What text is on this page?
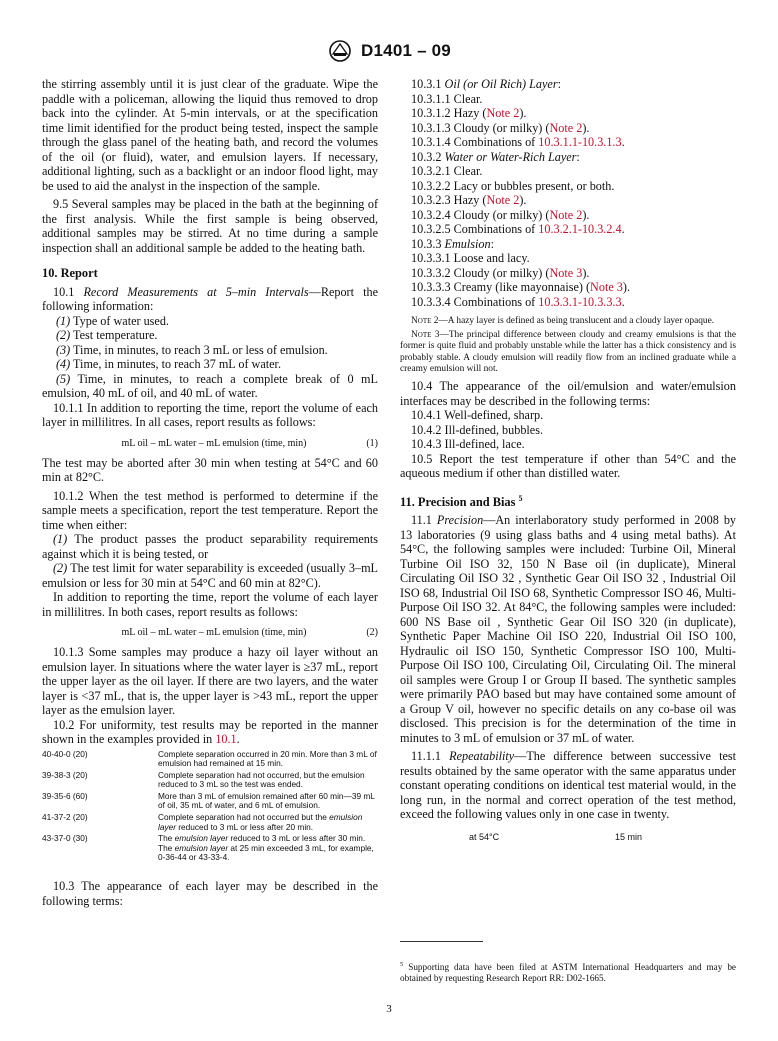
D1401 – 09

the stirring assembly until it is just clear of the graduate. Wipe the paddle with a policeman, allowing the liquid thus removed to drop back into the cylinder. At 5-min intervals, or at the specification time limit identified for the product being tested, inspect the sample through the glass panel of the heating bath, and record the volumes of the oil (or fluid), water, and emulsion layers. If necessary, additional lighting, such as a backlight or an indoor flood light, may be used to aid the analyst in the inspection of the sample.

9.5 Several samples may be placed in the bath at the beginning of the first analysis. While the first sample is being observed, additional samples may be stirred. At no time during a sample inspection shall an additional sample be added to the heating bath.

10. Report

10.1 Record Measurements at 5–min Intervals—Report the following information:

(1) Type of water used.

(2) Test temperature.

(3) Time, in minutes, to reach 3 mL or less of emulsion.

(4) Time, in minutes, to reach 37 mL of water.

(5) Time, in minutes, to reach a complete break of 0 mL emulsion, 40 mL of oil, and 40 mL of water.

10.1.1 In addition to reporting the time, report the volume of each layer in millilitres. In all cases, report results as follows:

mL oil – mL water – mL emulsion (time, min)	(1)

The test may be aborted after 30 min when testing at 54°C and 60 min at 82°C.

10.1.2 When the test method is performed to determine if the sample meets a specification, report the test temperature. Report the time when either:

(1) The product passes the product separability requirements against which it is being tested, or

(2) The test limit for water separability is exceeded (usually 3–mL emulsion or less for 30 min at 54°C and 60 min at 82°C).

In addition to reporting the time, report the volume of each layer in millilitres. In both cases, report results as follows:

mL oil – mL water – mL emulsion (time, min)	(2)

10.1.3 Some samples may produce a hazy oil layer without an emulsion layer. In situations where the water layer is ≥37 mL, report the upper layer as the oil layer. If there are two layers, and the water layer is <37 mL, that is, the upper layer is >43 mL, report the upper layer as the emulsion layer.

10.2 For uniformity, test results may be reported in the manner shown in the examples provided in 10.1.

40-40-0 (20)	Complete separation occurred in 20 min. More than 3 mL of emulsion had remained at 15 min.
39-38-3 (20)	Complete separation had not occurred, but the emulsion reduced to 3 mL so the test was ended.
39-35-6 (60)	More than 3 mL of emulsion remained after 60 min—39 mL of oil, 35 mL of water, and 6 mL of emulsion.
41-37-2 (20)	Complete separation had not occurred but the emulsion layer reduced to 3 mL or less after 20 min.
43-37-0 (30)	The emulsion layer reduced to 3 mL or less after 30 min. The emulsion layer at 25 min exceeded 3 mL, for example, 0-36-44 or 43-33-4.

10.3 The appearance of each layer may be described in the following terms:

10.3.1 Oil (or Oil Rich) Layer:

10.3.1.1 Clear.

10.3.1.2 Hazy (Note 2).

10.3.1.3 Cloudy (or milky) (Note 2).

10.3.1.4 Combinations of 10.3.1.1-10.3.1.3.

10.3.2 Water or Water-Rich Layer:

10.3.2.1 Clear.

10.3.2.2 Lacy or bubbles present, or both.

10.3.2.3 Hazy (Note 2).

10.3.2.4 Cloudy (or milky) (Note 2).

10.3.2.5 Combinations of 10.3.2.1-10.3.2.4.

10.3.3 Emulsion:

10.3.3.1 Loose and lacy.

10.3.3.2 Cloudy (or milky) (Note 3).

10.3.3.3 Creamy (like mayonnaise) (Note 3).

10.3.3.4 Combinations of 10.3.3.1-10.3.3.3.

Note 2—A hazy layer is defined as being translucent and a cloudy layer opaque.

Note 3—The principal difference between cloudy and creamy emulsions is that the former is quite fluid and probably unstable while the latter has a thick consistency and is probably stable. A cloudy emulsion will readily flow from an inclined graduate while a creamy emulsion will not.

10.4 The appearance of the oil/emulsion and water/emulsion interfaces may be described in the following terms:

10.4.1 Well-defined, sharp.

10.4.2 Ill-defined, bubbles.

10.4.3 Ill-defined, lace.

10.5 Report the test temperature if other than 54°C and the aqueous medium if other than distilled water.

11. Precision and Bias $^5$

11.1 Precision—An interlaboratory study performed in 2008 by 13 laboratories (9 using glass baths and 4 using metal baths). At 54°C, the following samples were included: Turbine Oil, Mineral Turbine Oil ISO 32, 150 N Base oil (in duplicate), Mineral Circulating Oil ISO 32 , Synthetic Gear Oil ISO 32 , Industrial Oil ISO 68, Industrial Oil ISO 68, Synthetic Compressor ISO 46, Multi-Purpose Oil ISO 32. At 84°C, the following samples were included: 600 NS Base oil , Synthetic Gear Oil ISO 320 (in duplicate), Synthetic Paper Machine Oil ISO 220, Industrial Oil ISO 100, Hydraulic oil ISO 150, Synthetic Compressor ISO 100, Multi-Purpose Oil ISO 100, Circulating Oil, Circulating Oil. The mineral oil samples were Group I or Group II based. The synthetic samples were primarily PAO based but may have contained some amount of a Group V oil, however no specific details on any co-base oil was disclosed. This precision is for the determination of the time in minutes to 3 mL of emulsion or 37 mL of water.

11.1.1 Repeatability—The difference between successive test results obtained by the same operator with the same apparatus under constant operating conditions on identical test material would, in the long run, in the normal and correct operation of the test method, exceed the following values only in one case in twenty.

at 54°C	15 min

$^5$ Supporting data have been filed at ASTM International Headquarters and may be obtained by requesting Research Report RR: D02-1665.

3
